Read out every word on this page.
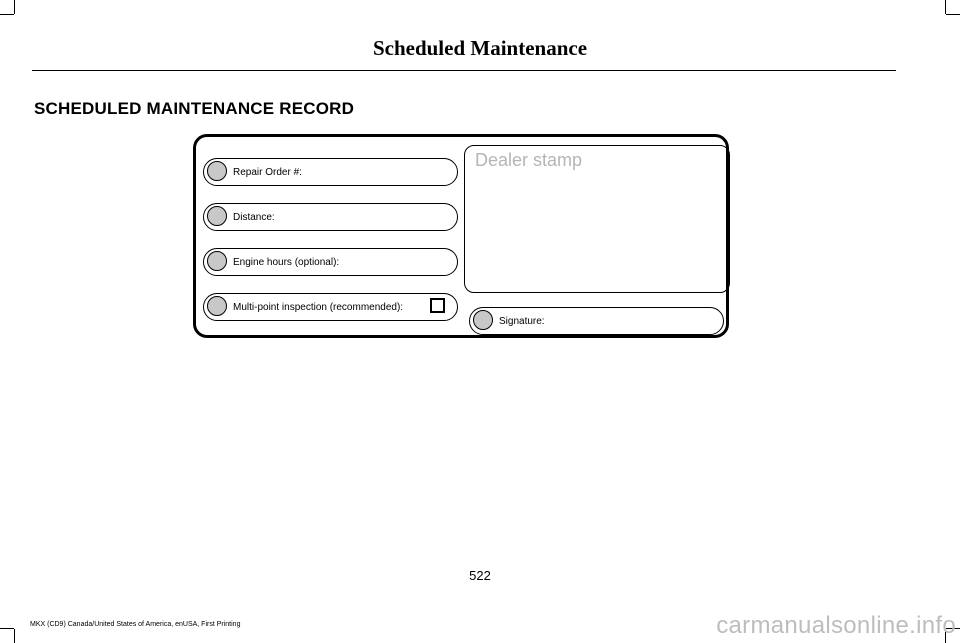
Scheduled Maintenance
SCHEDULED MAINTENANCE RECORD
Repair Order #:
Distance:
Engine hours (optional):
Multi-point inspection (recommended):
Dealer stamp
Signature:
522
MKX (CD9) Canada/United States of America, enUSA, First Printing	carmanualsonline.info
